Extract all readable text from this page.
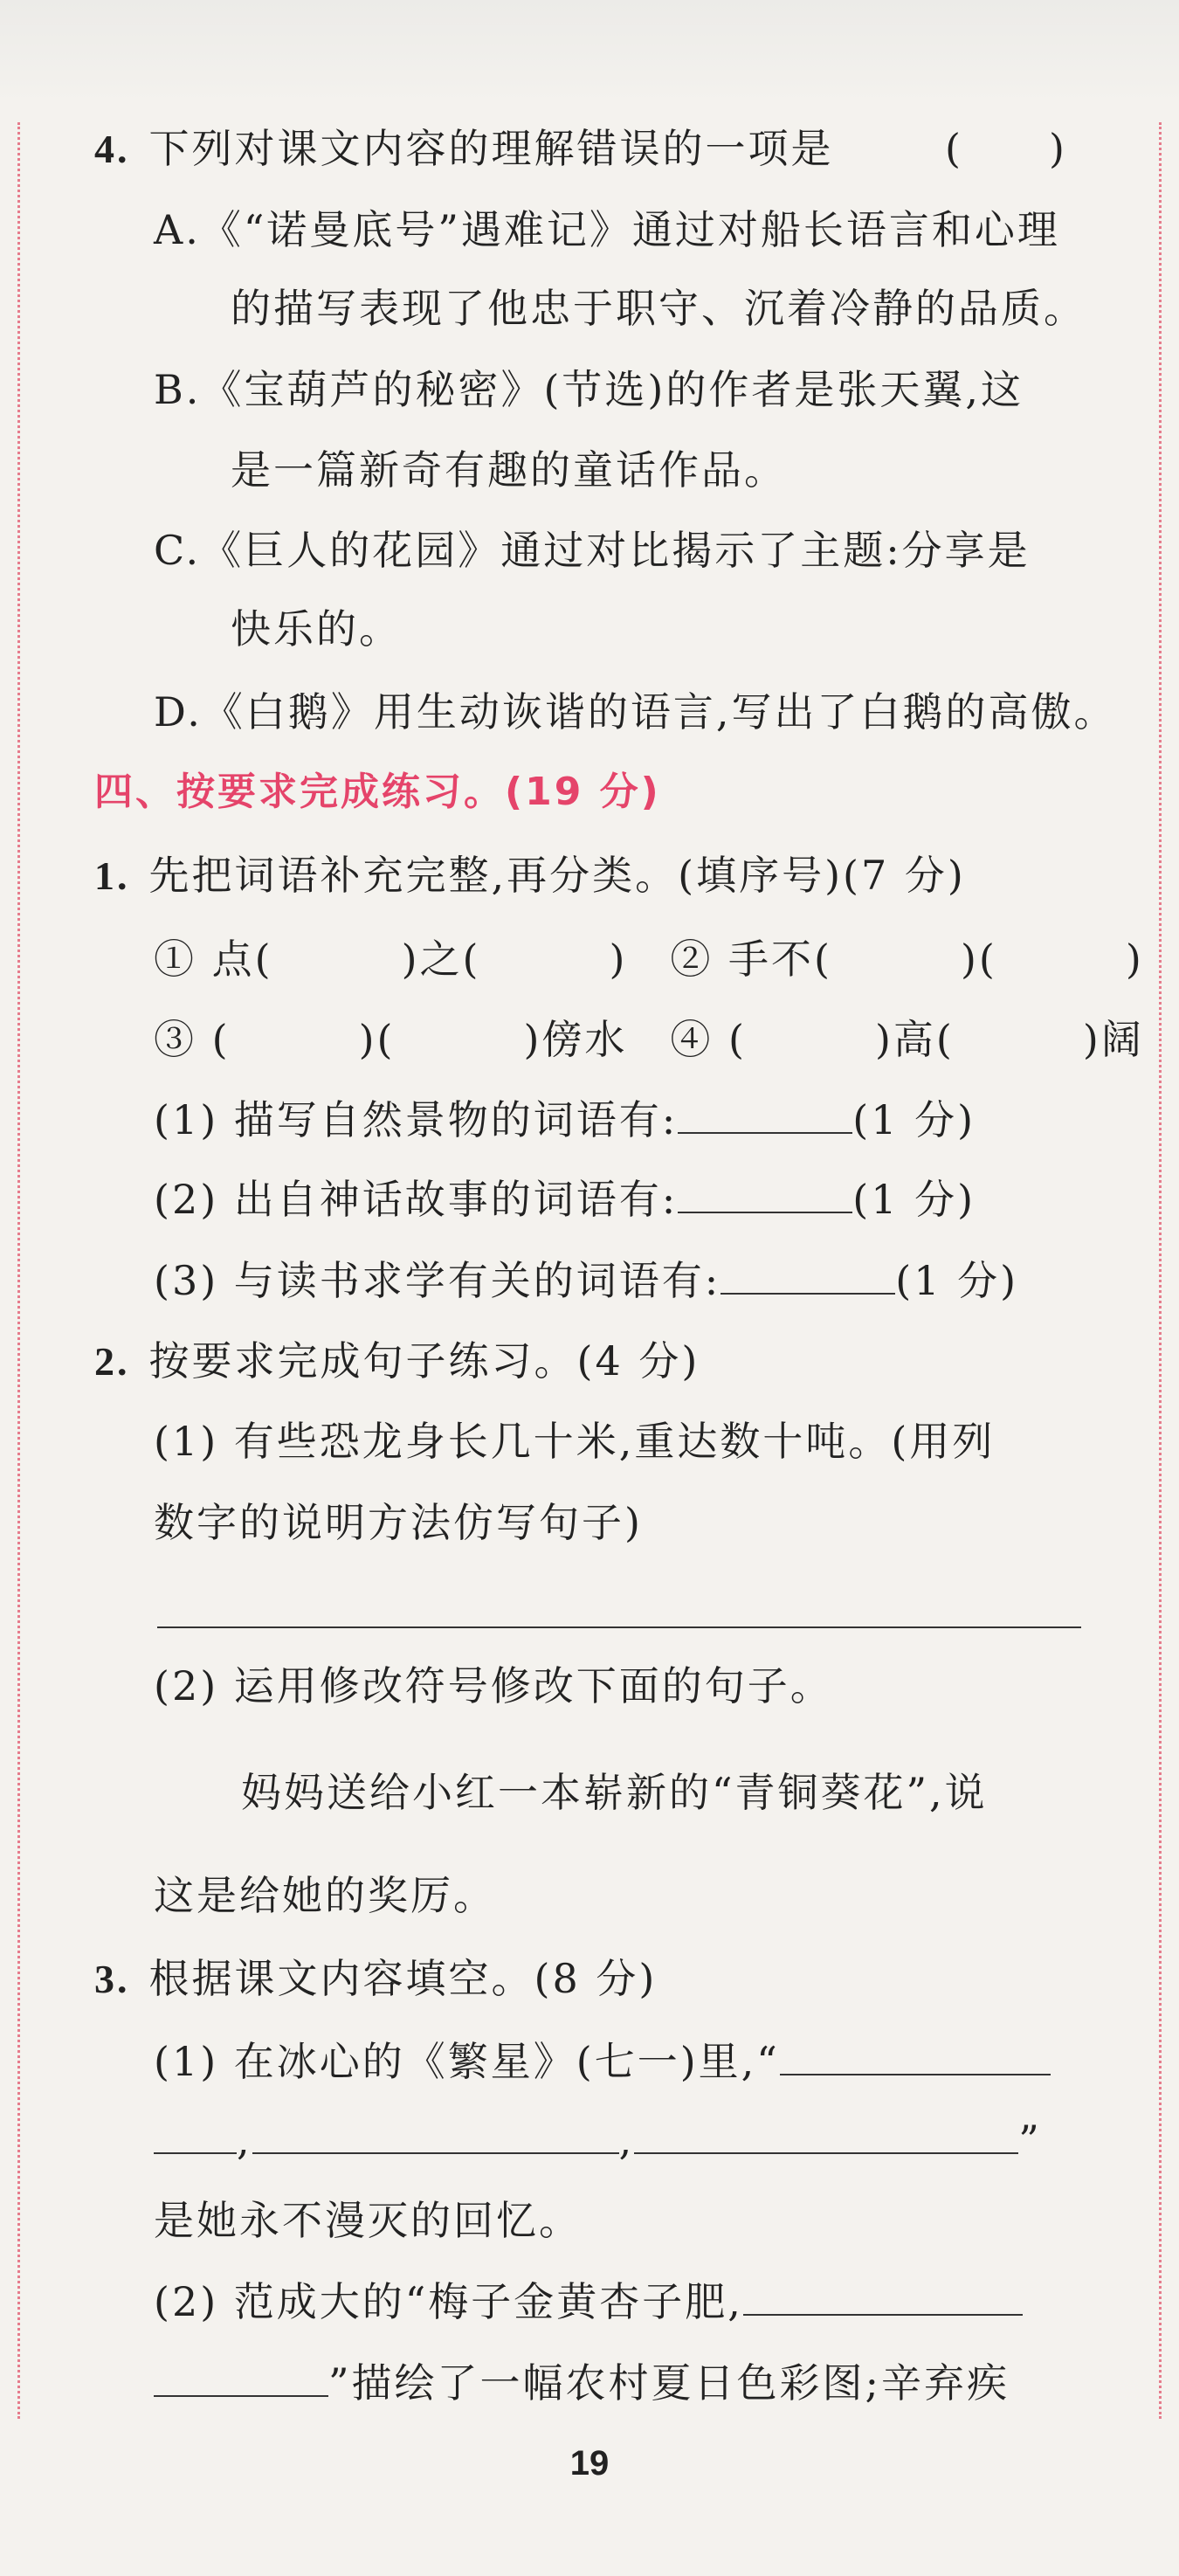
4. 下列对课文内容的理解错误的一项是	(　　)
A.《“诺曼底号”遇难记》通过对船长语言和心理
的描写表现了他忠于职守、沉着冷静的品质。
B.《宝葫芦的秘密》(节选)的作者是张天翼,这
是一篇新奇有趣的童话作品。
C.《巨人的花园》通过对比揭示了主题:分享是
快乐的。
D.《白鹅》用生动诙谐的语言,写出了白鹅的高傲。
四、按要求完成练习。(19 分)
1. 先把词语补充完整,再分类。(填序号)(7 分)
① 点(　　　)之(　　　)　② 手不(　　　)(　　　)
③ (　　　)(　　　)傍水　④ (　　　)高(　　　)阔
(1) 描写自然景物的词语有:	(1 分)
(2) 出自神话故事的词语有:	(1 分)
(3) 与读书求学有关的词语有:	(1 分)
2. 按要求完成句子练习。(4 分)
(1) 有些恐龙身长几十米,重达数十吨。(用列
数字的说明方法仿写句子)
(2) 运用修改符号修改下面的句子。
妈妈送给小红一本崭新的“青铜葵花”,说
这是给她的奖厉。
3. 根据课文内容填空。(8 分)
(1) 在冰心的《繁星》(七一)里,“
,	,	”
是她永不漫灭的回忆。
(2) 范成大的“梅子金黄杏子肥,
”描绘了一幅农村夏日色彩图;辛弃疾
19
